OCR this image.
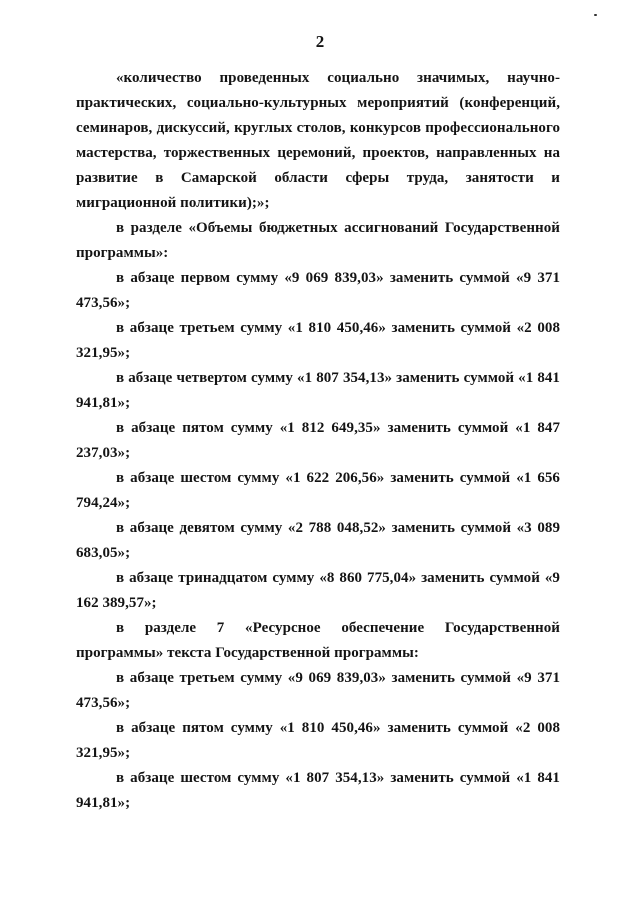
2

«количество проведенных социально значимых, научно-практических, социально-культурных мероприятий (конференций, семинаров, дискуссий, круглых столов, конкурсов профессионального мастерства, торжественных церемоний, проектов, направленных на развитие в Самарской области сферы труда, занятости и миграционной политики);»;

в разделе «Объемы бюджетных ассигнований Государственной программы»:

в абзаце первом сумму «9 069 839,03» заменить суммой «9 371 473,56»;

в абзаце третьем сумму «1 810 450,46» заменить суммой «2 008 321,95»;

в абзаце четвертом сумму «1 807 354,13» заменить суммой «1 841 941,81»;

в абзаце пятом сумму «1 812 649,35» заменить суммой «1 847 237,03»;

в абзаце шестом сумму «1 622 206,56» заменить суммой «1 656 794,24»;

в абзаце девятом сумму «2 788 048,52» заменить суммой «3 089 683,05»;

в абзаце тринадцатом сумму «8 860 775,04» заменить суммой «9 162 389,57»;

в разделе 7 «Ресурсное обеспечение Государственной программы» текста Государственной программы:

в абзаце третьем сумму «9 069 839,03» заменить суммой «9 371 473,56»;

в абзаце пятом сумму «1 810 450,46» заменить суммой «2 008 321,95»;

в абзаце шестом сумму «1 807 354,13» заменить суммой «1 841 941,81»;
